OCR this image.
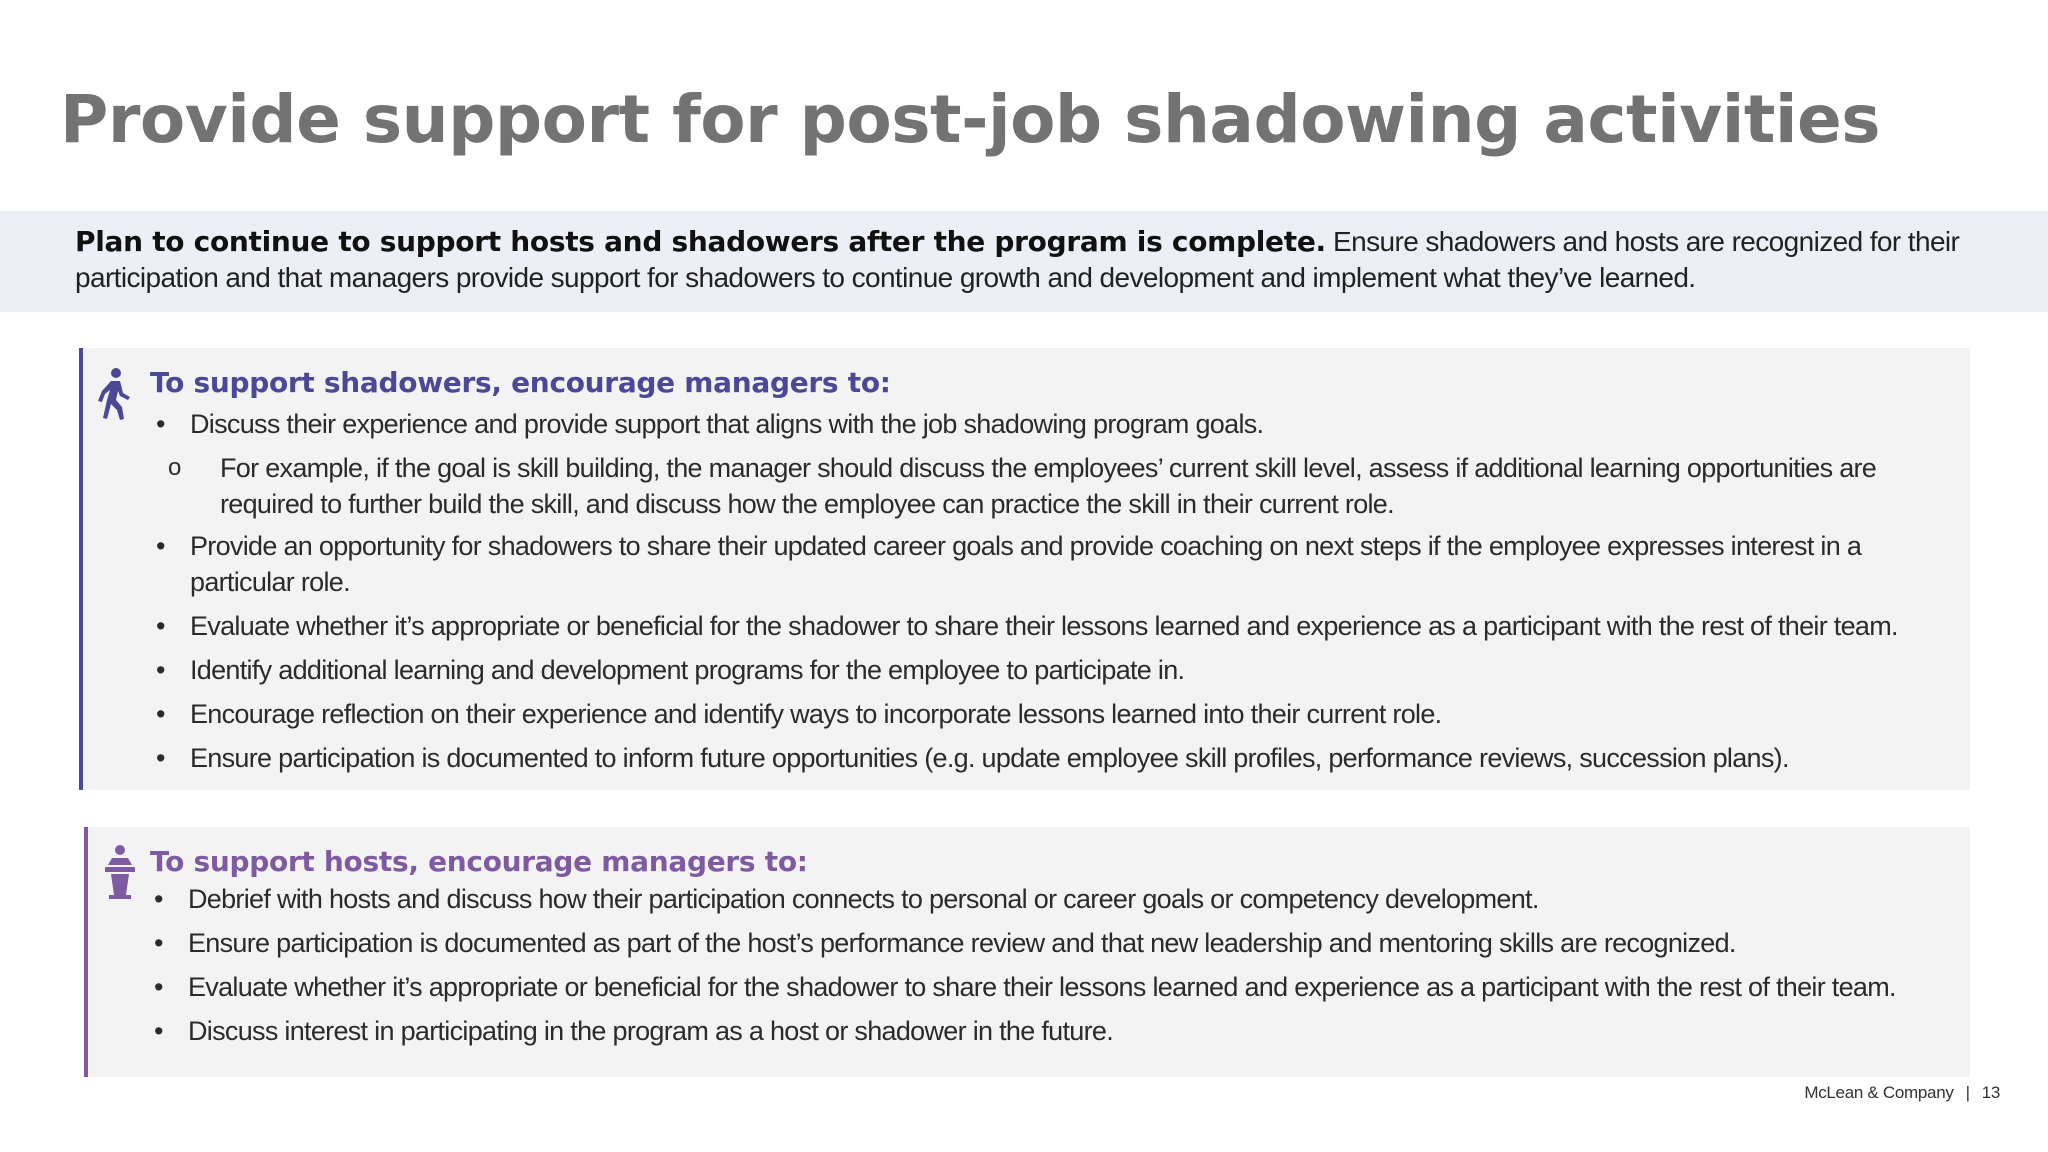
Provide support for post-job shadowing activities

Plan to continue to support hosts and shadowers after the program is complete. Ensure shadowers and hosts are recognized for their participation and that managers provide support for shadowers to continue growth and development and implement what they’ve learned.

To support shadowers, encourage managers to:
• Discuss their experience and provide support that aligns with the job shadowing program goals.
o For example, if the goal is skill building, the manager should discuss the employees’ current skill level, assess if additional learning opportunities are required to further build the skill, and discuss how the employee can practice the skill in their current role.
• Provide an opportunity for shadowers to share their updated career goals and provide coaching on next steps if the employee expresses interest in a particular role.
• Evaluate whether it’s appropriate or beneficial for the shadower to share their lessons learned and experience as a participant with the rest of their team.
• Identify additional learning and development programs for the employee to participate in.
• Encourage reflection on their experience and identify ways to incorporate lessons learned into their current role.
• Ensure participation is documented to inform future opportunities (e.g. update employee skill profiles, performance reviews, succession plans).
To support hosts, encourage managers to:
• Debrief with hosts and discuss how their participation connects to personal or career goals or competency development.
• Ensure participation is documented as part of the host’s performance review and that new leadership and mentoring skills are recognized.
• Evaluate whether it’s appropriate or beneficial for the shadower to share their lessons learned and experience as a participant with the rest of their team.
• Discuss interest in participating in the program as a host or shadower in the future.
McLean & Company | 13
